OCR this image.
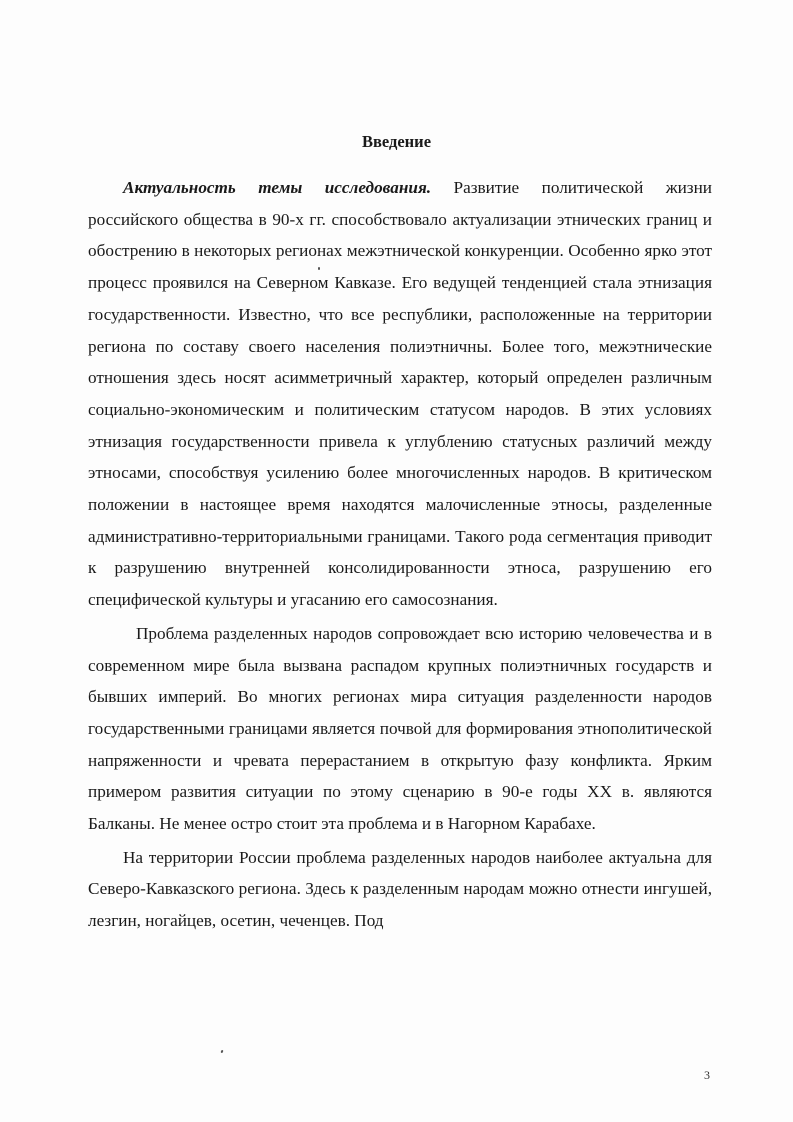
Введение

Актуальность темы исследования. Развитие политической жизни российского общества в 90-х гг. способствовало актуализации этнических границ и обострению в некоторых регионах межэтнической конкуренции. Особенно ярко этот процесс проявился на Северном Кавказе. Его ведущей тенденцией стала этнизация государственности. Известно, что все республики, расположенные на территории региона по составу своего населения полиэтничны. Более того, межэтнические отношения здесь носят асимметричный характер, который определен различным социально-экономическим и политическим статусом народов. В этих условиях этнизация государственности привела к углублению статусных различий между этносами, способствуя усилению более многочисленных народов. В критическом положении в настоящее время находятся малочисленные этносы, разделенные административно-территориальными границами. Такого рода сегментация приводит к разрушению внутренней консолидированности этноса, разрушению его специфической культуры и угасанию его самосознания.

Проблема разделенных народов сопровождает всю историю человечества и в современном мире была вызвана распадом крупных полиэтничных государств и бывших империй. Во многих регионах мира ситуация разделенности народов государственными границами является почвой для формирования этнополитической напряженности и чревата перерастанием в открытую фазу конфликта. Ярким примером развития ситуации по этому сценарию в 90-е годы XX в. являются Балканы. Не менее остро стоит эта проблема и в Нагорном Карабахе.

На территории России проблема разделенных народов наиболее актуальна для Северо-Кавказского региона. Здесь к разделенным народам можно отнести ингушей, лезгин, ногайцев, осетин, чеченцев. Под

3
